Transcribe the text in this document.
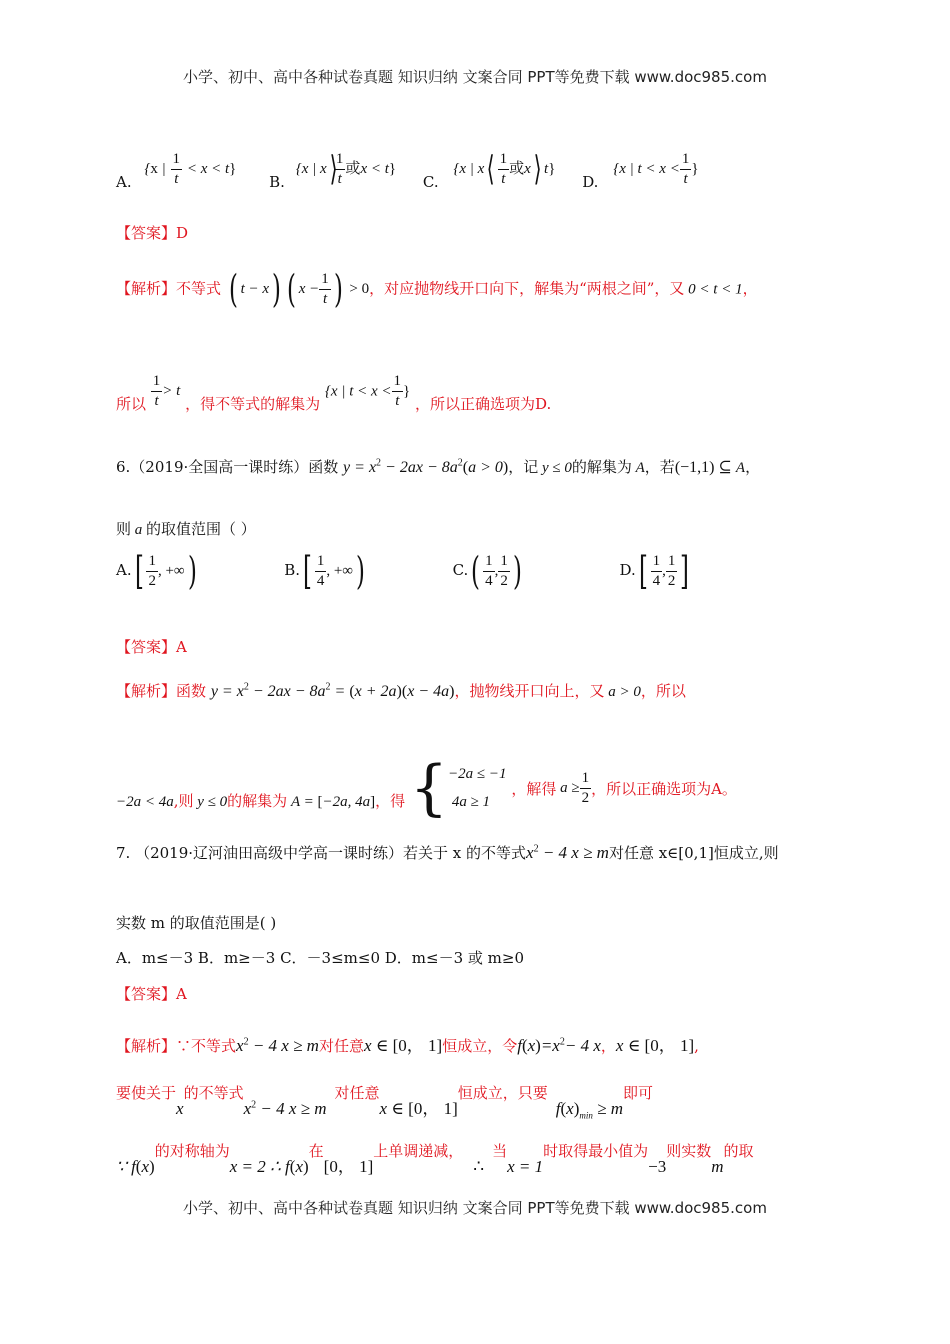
小学、初中、高中各种试卷真题 知识归纳 文案合同 PPT等免费下载 www.doc985.com
小学、初中、高中各种试卷真题 知识归纳 文案合同 PPT等免费下载 www.doc985.com
A. {x | $\frac{1}{t} < x < t$} B. {x | x⟩
$\frac{1}{t}$ 或x < t} C. {x | x⟨ $\frac{1}{t}$ 或x⟩ t} D. {x | $t < x < \frac{1}{t}$ }
【答案】D
【解析】不等式 ( t − x) ( $x - \frac{1}{t}$ ) > 0，对应抛物线开口向下，解集为“两根之间”，又 0 < t < 1，
所以 $\frac{1}{t} > t$ ，得不等式的解集为 {x | $t < x < \frac{1}{t}$ } ，所以正确选项为D.
6.（2019·全国高一课时练）函数 $y = x^2 - 2ax - 8a^2(a > 0)$，记 y ≤ 0的解集为 A，若(−1,1) ⊆ A，
则 a 的取值范围（ ）
$A.[ \frac{1}{2}$ , +∞)	$B.[ \frac{1}{4}$ , +∞)	$C.( \frac{1}{4}$ , $\frac{1}{2}$ )	$D.[ \frac{1}{4}$ , $\frac{1}{2}$ ]
【答案】A
【解析】函数 $y = x^2 - 2ax - 8a^2 = (x + 2a)(x - 4a)$，抛物线开口向上，又 a > 0，所以
−2a < 4a,则 y ≤ 0的解集为 A = [−2a, 4a]，得 { −2a ≤ −1
4a ≥ 1
，解得 $a \ge \frac{1}{2}$ ，所以正确选项为A。
7. （2019·辽河油田高级中学高一课时练）若关于 x 的不等式$x^2 - 4$ x ≥ m对任意 x∈[0,1]恒成立,则
实数 m 的取值范围是( )
A．m≤－3 B．m≥－3 C．－3≤m≤0 D．m≤－3 或 m≥0
【答案】A
【解析】∵不等式$x^2 - 4$ x ≥ m对任意x ∈ [0， 1]恒成立，令$f(x)=x^2- 4$ x，x ∈ [0， 1],
要使关于x的不等式$x^2 - 4$ x ≥ m对任意x ∈ [0， 1]恒成立，只要$f(x)_{min} \ge m$即可
∵ f(x)的对称轴为x = 2 ∴ f(x)在[0， 1]上单调递减，∴当x = 1时取得最小值为−3则实数m的取
